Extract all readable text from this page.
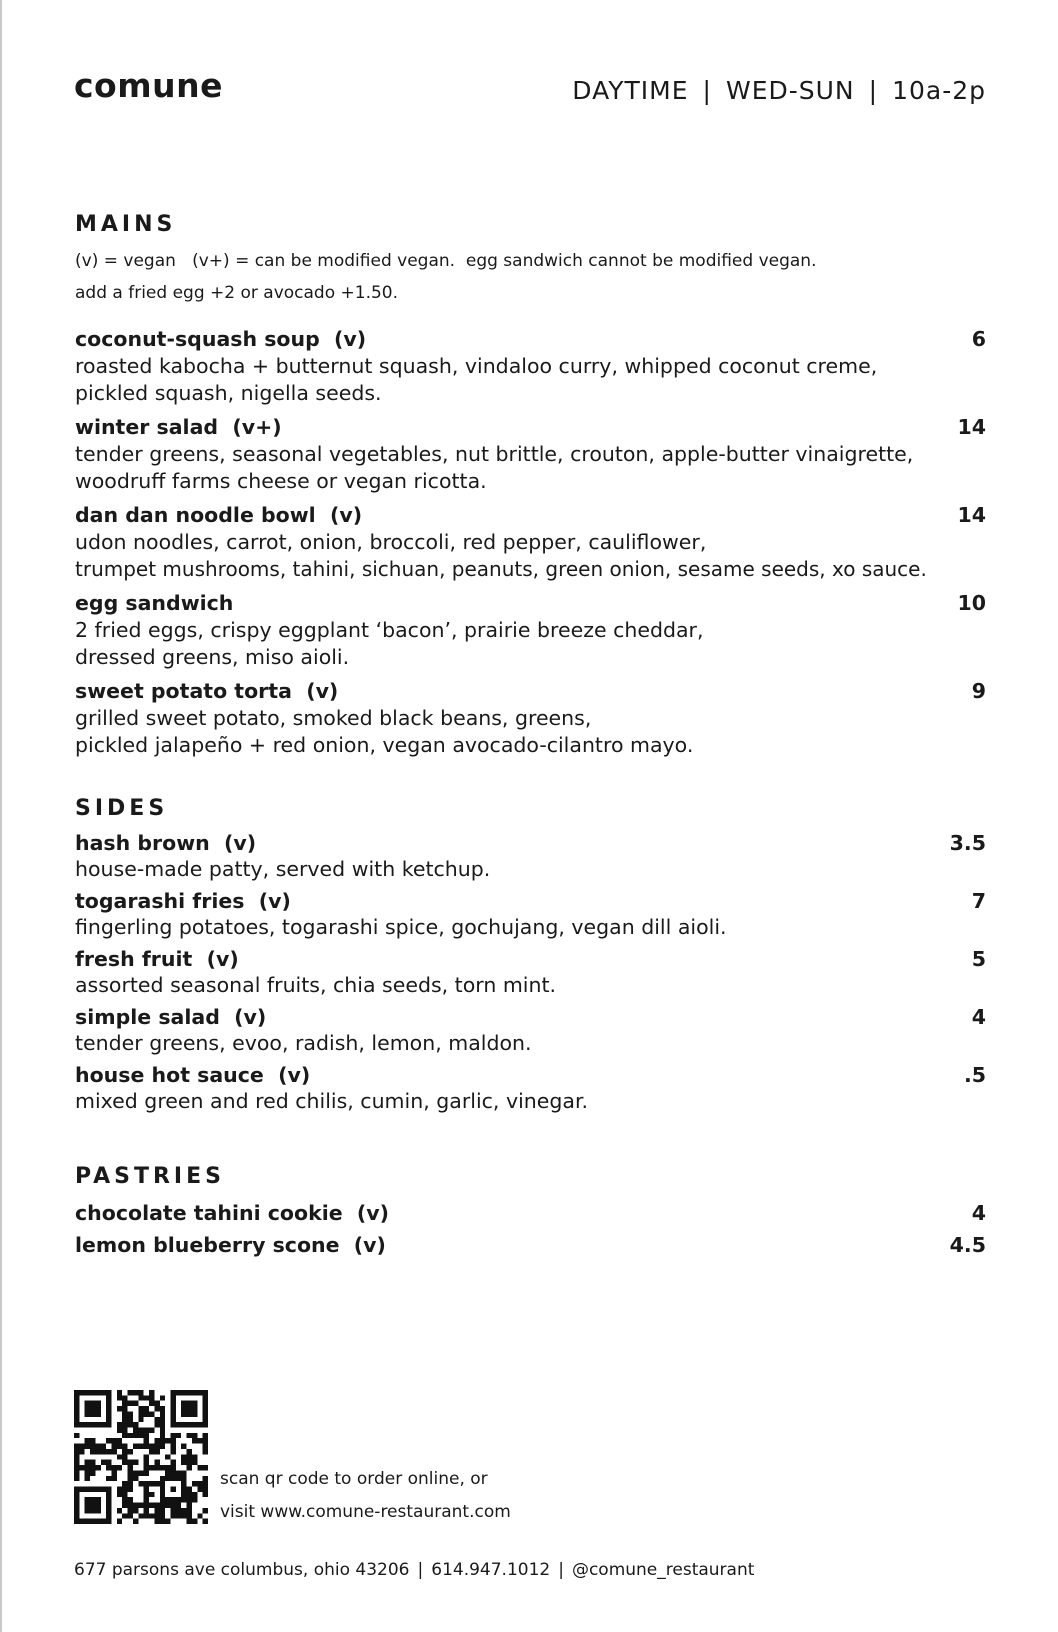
comune	DAYTIME | WED-SUN | 10a-2p
MAINS
(v) = vegan   (v+) = can be modified vegan.  egg sandwich cannot be modified vegan.
add a fried egg +2 or avocado +1.50.
coconut-squash soup  (v)	6
roasted kabocha + butternut squash, vindaloo curry, whipped coconut creme,
pickled squash, nigella seeds.
winter salad  (v+)	14
tender greens, seasonal vegetables, nut brittle, crouton, apple-butter vinaigrette,
woodruff farms cheese or vegan ricotta.
dan dan noodle bowl  (v)	14
udon noodles, carrot, onion, broccoli, red pepper, cauliflower,
trumpet mushrooms, tahini, sichuan, peanuts, green onion, sesame seeds, xo sauce.
egg sandwich	10
2 fried eggs, crispy eggplant ‘bacon’, prairie breeze cheddar,
dressed greens, miso aioli.
sweet potato torta  (v)	9
grilled sweet potato, smoked black beans, greens,
pickled jalapeño + red onion, vegan avocado-cilantro mayo.
SIDES
hash brown  (v)	3.5
house-made patty, served with ketchup.
togarashi fries  (v)	7
fingerling potatoes, togarashi spice, gochujang, vegan dill aioli.
fresh fruit  (v)	5
assorted seasonal fruits, chia seeds, torn mint.
simple salad  (v)	4
tender greens, evoo, radish, lemon, maldon.
house hot sauce  (v)	.5
mixed green and red chilis, cumin, garlic, vinegar.
PASTRIES
chocolate tahini cookie  (v)	4
lemon blueberry scone  (v)	4.5
scan qr code to order online, or
visit www.comune-restaurant.com
677 parsons ave columbus, ohio 43206 | 614.947.1012 | @comune_restaurant
